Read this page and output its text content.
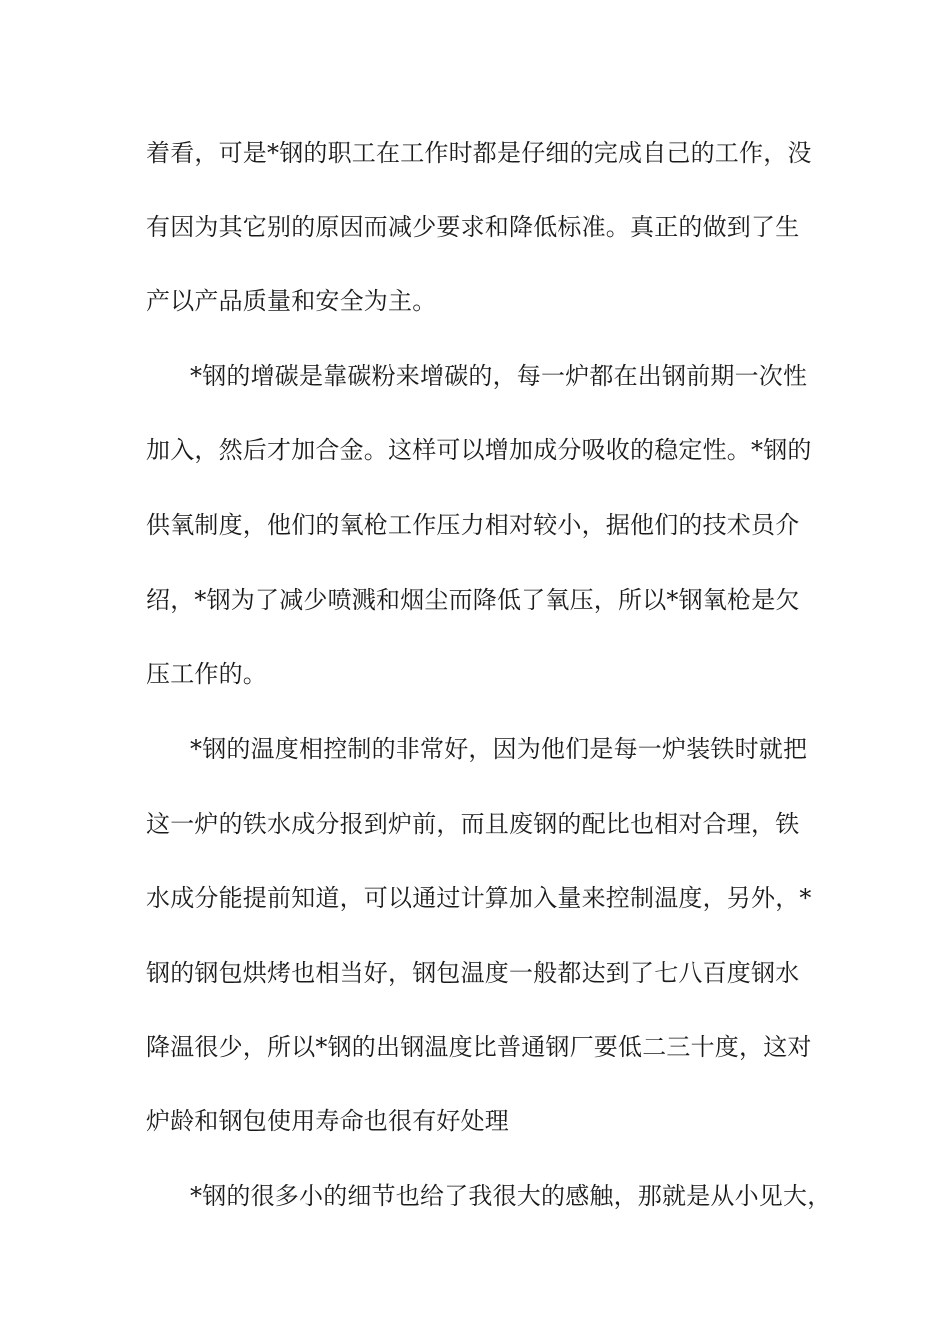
着看，可是*钢的职工在工作时都是仔细的完成自己的工作，没
有因为其它别的原因而减少要求和降低标准。真正的做到了生
产以产品质量和安全为主。
*钢的增碳是靠碳粉来增碳的，每一炉都在出钢前期一次性
加入，然后才加合金。这样可以增加成分吸收的稳定性。*钢的
供氧制度，他们的氧枪工作压力相对较小，据他们的技术员介
绍，*钢为了减少喷溅和烟尘而降低了氧压，所以*钢氧枪是欠
压工作的。
*钢的温度相控制的非常好，因为他们是每一炉装铁时就把
这一炉的铁水成分报到炉前，而且废钢的配比也相对合理，铁
水成分能提前知道，可以通过计算加入量来控制温度，另外，*
钢的钢包烘烤也相当好，钢包温度一般都达到了七八百度钢水
降温很少，所以*钢的出钢温度比普通钢厂要低二三十度，这对
炉龄和钢包使用寿命也很有好处理
*钢的很多小的细节也给了我很大的感触，那就是从小见大，
